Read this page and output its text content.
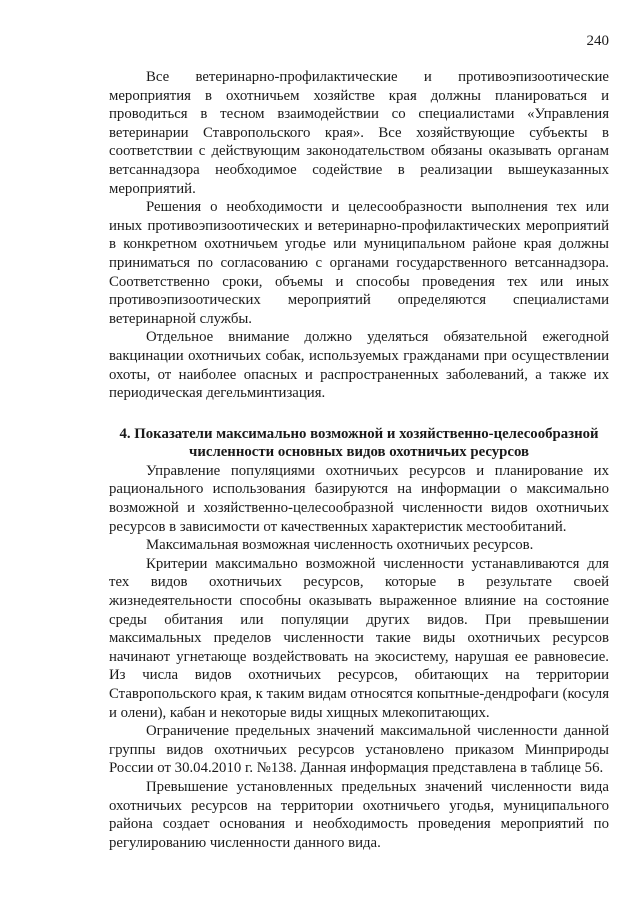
240

Все ветеринарно-профилактические и противоэпизоотические мероприятия в охотничьем хозяйстве края должны планироваться и проводиться в тесном взаимодействии со специалистами «Управления ветеринарии Ставропольского края». Все хозяйствующие субъекты в соответствии с действующим законодательством обязаны оказывать органам ветсаннадзора необходимое содействие в реализации вышеуказанных мероприятий.

Решения о необходимости и целесообразности выполнения тех или иных противоэпизоотических и ветеринарно-профилактических мероприятий в конкретном охотничьем угодье или муниципальном районе края должны приниматься по согласованию с органами государственного ветсаннадзора. Соответственно сроки, объемы и способы проведения тех или иных противоэпизоотических мероприятий определяются специалистами ветеринарной службы.

Отдельное внимание должно уделяться обязательной ежегодной вакцинации охотничьих собак, используемых гражданами при осуществлении охоты, от наиболее опасных и распространенных заболеваний, а также их периодическая дегельминтизация.

4. Показатели максимально возможной и хозяйственно-целесообразной
численности основных видов охотничьих ресурсов

Управление популяциями охотничьих ресурсов и планирование их рационального использования базируются на информации о максимально возможной и хозяйственно-целесообразной численности видов охотничьих ресурсов в зависимости от качественных характеристик местообитаний.

Максимальная возможная численность охотничьих ресурсов.

Критерии максимально возможной численности устанавливаются для тех видов охотничьих ресурсов, которые в результате своей жизнедеятельности способны оказывать выраженное влияние на состояние среды обитания или популяции других видов. При превышении максимальных пределов численности такие виды охотничьих ресурсов начинают угнетающе воздействовать на экосистему, нарушая ее равновесие. Из числа видов охотничьих ресурсов, обитающих на территории Ставропольского края, к таким видам относятся копытные-дендрофаги (косуля и олени), кабан и некоторые виды хищных млекопитающих.

Ограничение предельных значений максимальной численности данной группы видов охотничьих ресурсов установлено приказом Минприроды России от 30.04.2010 г. №138. Данная информация представлена в таблице 56.

Превышение установленных предельных значений численности вида охотничьих ресурсов на территории охотничьего угодья, муниципального района создает основания и необходимость проведения мероприятий по регулированию численности данного вида.
